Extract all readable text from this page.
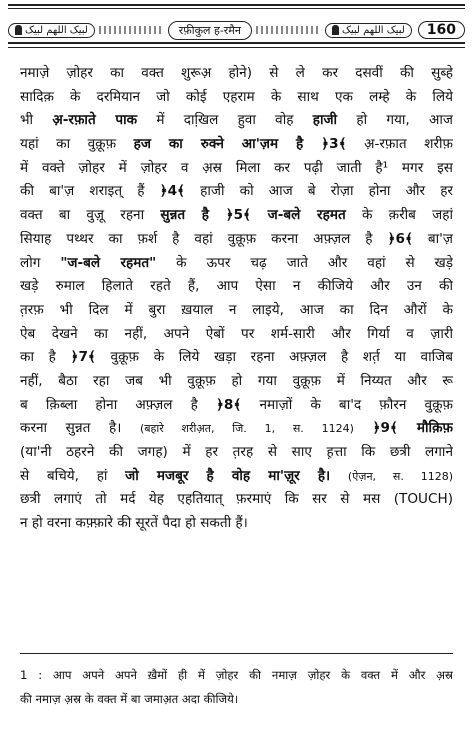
لبیک اللھم لبیک	रफ़ीकुल ह-रमैन	لبیک اللھم لبیک	160
नमाज़े ज़ोहर का वक्त शुरूअ़ होने) से ले कर दसवीं की सुब्हे
सादिक़ के दरमियान जो कोई एहराम के साथ एक लम्हे के लिये
भी अ़-रफ़ाते पाक में दाखि़ल हुवा वोह हाजी हो गया, आज
यहां का वुक़ूफ़ हज का रुक्ने आ'ज़म है ﴿3﴾ अ़-रफ़ात शरीफ़
में वक्ते ज़ोहर में ज़ोहर व अ़स्र मिला कर पढ़ी जाती है¹ मगर इस
की बा'ज़ शराइत् हैं ﴿4﴾ हाजी को आज बे रोज़ा होना और हर
वक्त बा वुज़ू रहना सुन्नत है ﴿5﴾ ज-बले रहमत के क़रीब जहां
सियाह पथ्थर का फ़र्श है वहां वुक़ूफ़ करना अफ़्ज़ल है ﴿6﴾ बा'ज़
लोग "ज-बले रहमत" के ऊपर चढ़ जाते और वहां से खड़े
खड़े रुमाल हिलाते रहते हैं, आप ऐसा न कीजिये और उन की
त़रफ़ भी दिल में बुरा ख़याल न लाइये, आज का दिन औरों के
ऐब देखने का नहीं, अपने ऐबों पर शर्म-सारी और गिर्या व ज़ारी
का है ﴿7﴾ वुक़ूफ़ के लिये खड़ा रहना अफ़्ज़ल है शर्त़ या वाजिब
नहीं, बैठा रहा जब भी वुक़ूफ़ हो गया वुक़ूफ़ में निय्यत और रू
ब क़िब्ला होना अफ़्ज़ल है ﴿8﴾ नमाज़ों के बा'द फ़ौरन वुक़ूफ़
करना सुन्नत है। (बहारे शरीअ़त, जि. 1, स. 1124) ﴿9﴾ मौक़िफ़
(या'नी ठहरने की जगह) में हर त़रह से साए ह़त्ता कि छत्री लगाने
से बचिये, हां जो मजबूर है वोह मा'ज़ूर है। (ऐज़न, स. 1128)
छत्री लगाएं तो मर्द येह एहतियात् फ़रमाएं कि सर से मस (TOUCH)
न हो वरना कफ़्फ़ारे की सूरतें पैदा हो सकती हैं।
1 : आप अपने अपने ख़ैमों ही में ज़ोहर की नमाज़ ज़ोहर के वक्त में और अ़स्र
की नमाज़ अ़स्र के वक्त में बा जमाअ़त अदा कीजिये।
